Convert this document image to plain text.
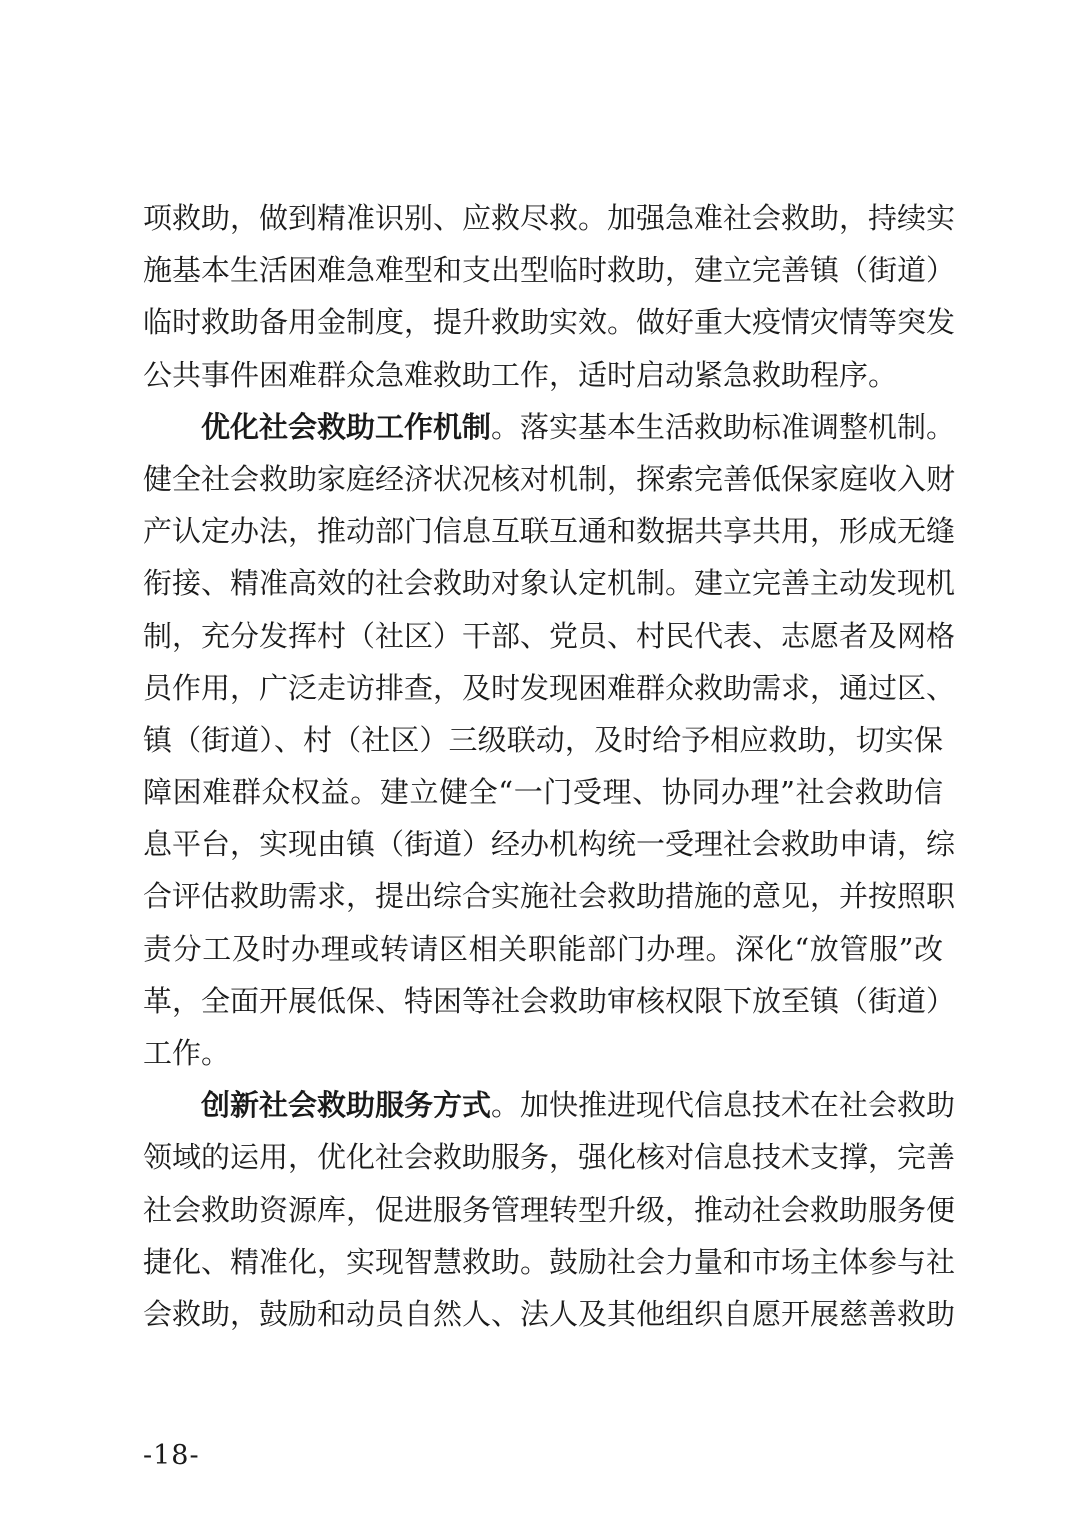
项救助，做到精准识别、应救尽救。加强急难社会救助，持续实
施基本生活困难急难型和支出型临时救助，建立完善镇（街道）
临时救助备用金制度，提升救助实效。做好重大疫情灾情等突发
公共事件困难群众急难救助工作，适时启动紧急救助程序。
优化社会救助工作机制。落实基本生活救助标准调整机制。
健全社会救助家庭经济状况核对机制，探索完善低保家庭收入财
产认定办法，推动部门信息互联互通和数据共享共用，形成无缝
衔接、精准高效的社会救助对象认定机制。建立完善主动发现机
制，充分发挥村（社区）干部、党员、村民代表、志愿者及网格
员作用，广泛走访排查，及时发现困难群众救助需求，通过区、
镇（街道）、村（社区）三级联动，及时给予相应救助，切实保
障困难群众权益。建立健全“一门受理、协同办理”社会救助信
息平台，实现由镇（街道）经办机构统一受理社会救助申请，综
合评估救助需求，提出综合实施社会救助措施的意见，并按照职
责分工及时办理或转请区相关职能部门办理。深化“放管服”改
革，全面开展低保、特困等社会救助审核权限下放至镇（街道）
工作。
创新社会救助服务方式。加快推进现代信息技术在社会救助
领域的运用，优化社会救助服务，强化核对信息技术支撑，完善
社会救助资源库，促进服务管理转型升级，推动社会救助服务便
捷化、精准化，实现智慧救助。鼓励社会力量和市场主体参与社
会救助，鼓励和动员自然人、法人及其他组织自愿开展慈善救助
-18-
